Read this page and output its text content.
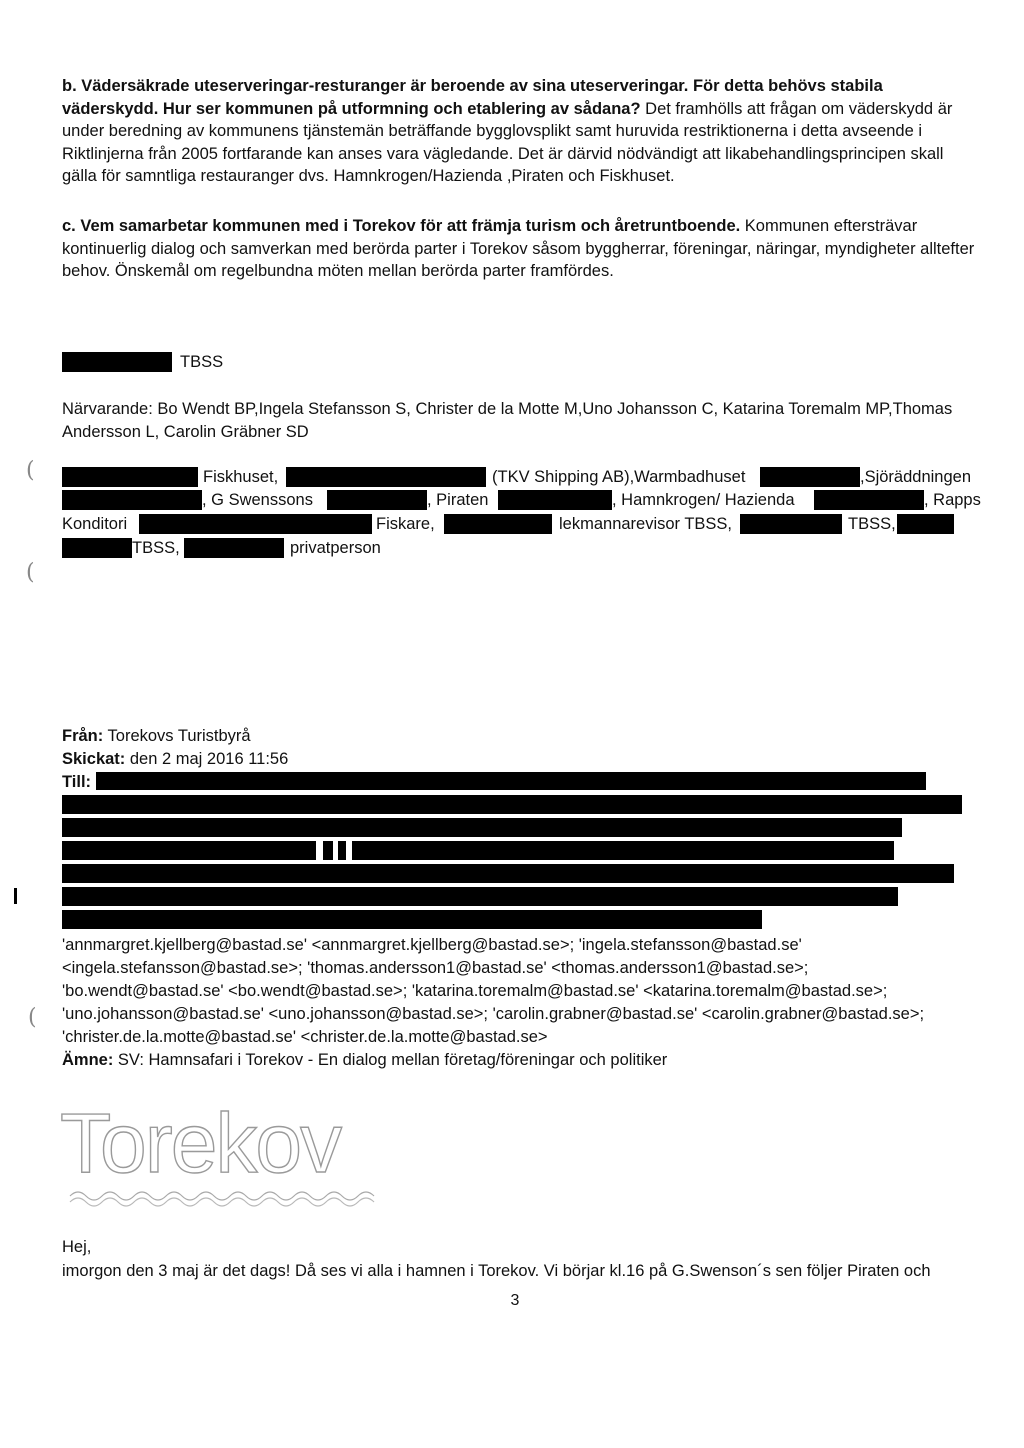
(
(
(
b. Vädersäkrade uteserveringar-resturanger är beroende av sina uteserveringar. För detta behövs stabila väderskydd. Hur ser kommunen på utformning och etablering av sådana? Det framhölls att frågan om väderskydd är under beredning av kommunens tjänstemän beträffande bygglovsplikt samt huruvida restriktionerna i detta avseende i Riktlinjerna från 2005 fortfarande kan anses vara vägledande. Det är därvid nödvändigt att likabehandlingsprincipen skall gälla för samntliga restauranger dvs. Hamnkrogen/Hazienda ,Piraten och Fiskhuset.
c. Vem samarbetar kommunen med i Torekov för att främja turism och åretruntboende. Kommunen eftersträvar kontinuerlig dialog och samverkan med berörda parter i Torekov såsom byggherrar, föreningar, näringar, myndigheter alltefter behov. Önskemål om regelbundna möten mellan berörda parter framfördes.
TBSS
Närvarande: Bo Wendt BP,Ingela Stefansson S, Christer de la Motte M,Uno Johansson C, Katarina Toremalm MP,Thomas Andersson L, Carolin Gräbner SD
Fiskhuset,	(TKV Shipping AB),Warmbadhuset	,Sjöräddningen
, G Swenssons	, Piraten	, Hamnkrogen/ Hazienda	, Rapps
Konditori	Fiskare,	lekmannarevisor TBSS,	TBSS,
TBSS,	privatperson
Från: Torekovs Turistbyrå
Skickat: den 2 maj 2016 11:56
Till:
'annmargret.kjellberg@bastad.se' <annmargret.kjellberg@bastad.se>; 'ingela.stefansson@bastad.se'
<ingela.stefansson@bastad.se>; 'thomas.andersson1@bastad.se' <thomas.andersson1@bastad.se>;
'bo.wendt@bastad.se' <bo.wendt@bastad.se>; 'katarina.toremalm@bastad.se' <katarina.toremalm@bastad.se>;
'uno.johansson@bastad.se' <uno.johansson@bastad.se>; 'carolin.grabner@bastad.se' <carolin.grabner@bastad.se>;
'christer.de.la.motte@bastad.se' <christer.de.la.motte@bastad.se>
Ämne: SV: Hamnsafari i Torekov - En dialog mellan företag/föreningar och politiker
Torekov
Hej,
imorgon den 3 maj är det dags! Då ses vi alla i hamnen i Torekov. Vi börjar kl.16 på G.Swenson´s sen följer Piraten och
3
